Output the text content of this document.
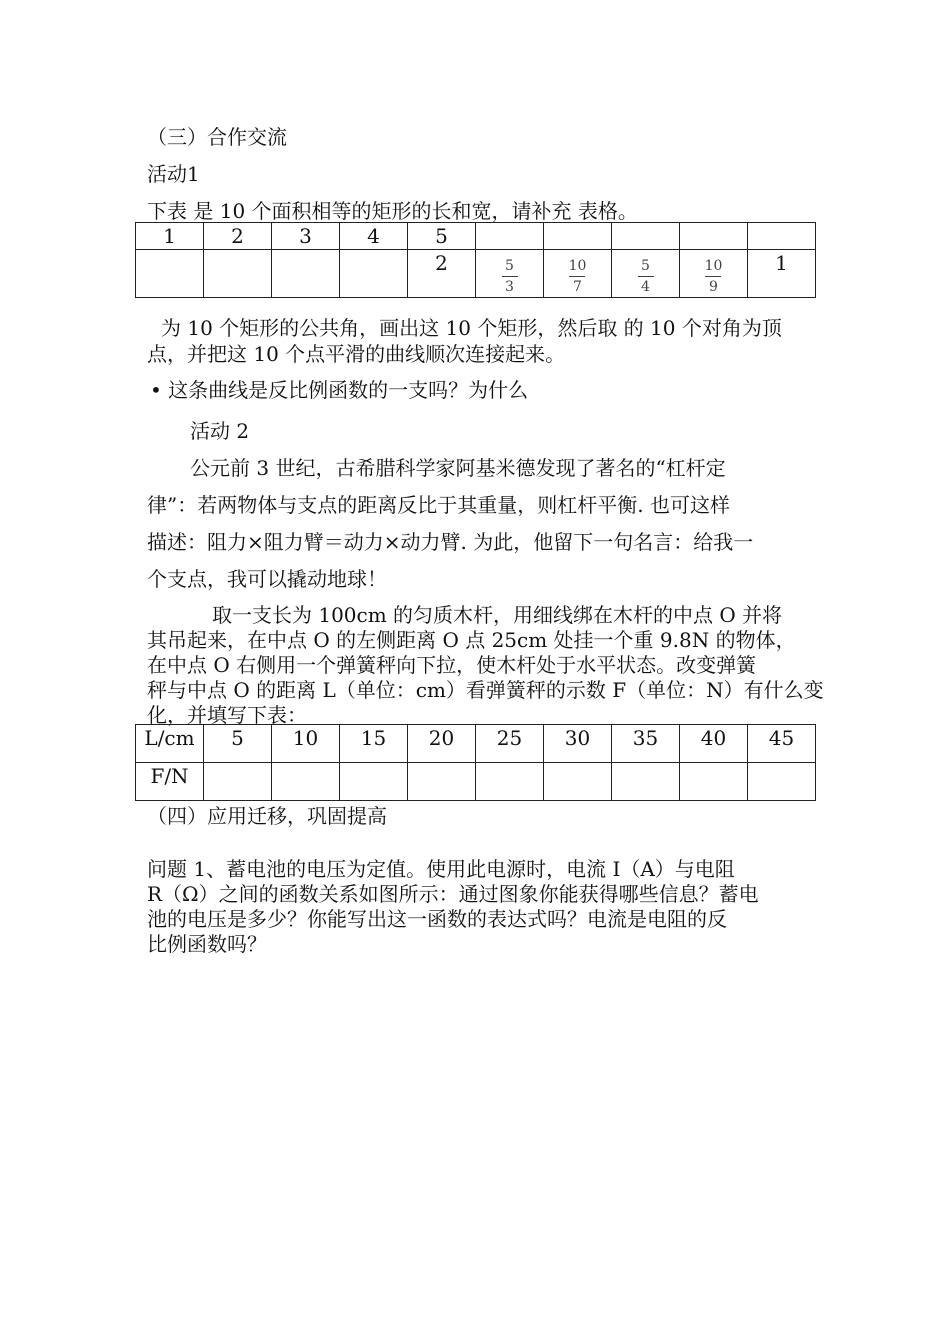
（三）合作交流
活动1
下表 是 10 个面积相等的矩形的长和宽，请补充 表格。
1	2	3	4	5					
				2	$\frac{5}{3}$	$\frac{10}{7}$	$\frac{5}{4}$	$\frac{10}{9}$	1
为 10 个矩形的公共角，画出这 10 个矩形，然后取 的 10 个对角为顶
点，并把这 10 个点平滑的曲线顺次连接起来。
• 这条曲线是反比例函数的一支吗？为什么
活动 2
公元前 3 世纪，古希腊科学家阿基米德发现了著名的“杠杆定
律”：若两物体与支点的距离反比于其重量，则杠杆平衡. 也可这样
描述：阻力×阻力臂＝动力×动力臂. 为此，他留下一句名言：给我一
个支点，我可以撬动地球！
取一支长为 100cm 的匀质木杆，用细线绑在木杆的中点 O 并将
其吊起来，在中点 O 的左侧距离 O 点 25cm 处挂一个重 9.8N 的物体，
在中点 O 右侧用一个弹簧秤向下拉，使木杆处于水平状态。改变弹簧
秤与中点 O 的距离 L（单位：cm）看弹簧秤的示数 F（单位：N）有什么变
化，并填写下表：
L/cm	5	10	15	20	25	30	35	40	45
F/N									
（四）应用迁移，巩固提高
问题 1、蓄电池的电压为定值。使用此电源时，电流 I（A）与电阻
R（Ω）之间的函数关系如图所示：通过图象你能获得哪些信息？蓄电
池的电压是多少？你能写出这一函数的表达式吗？电流是电阻的反
比例函数吗？
